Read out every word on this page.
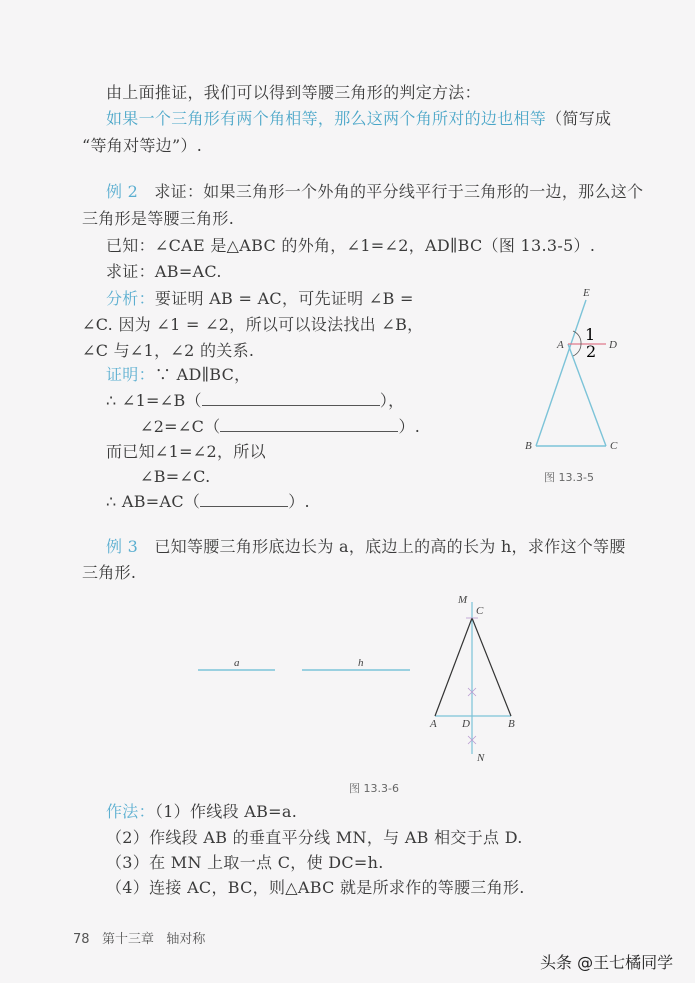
由上面推证，我们可以得到等腰三角形的判定方法：
如果一个三角形有两个角相等，那么这两个角所对的边也相等（简写成
“等角对等边”）.
例 2 求证：如果三角形一个外角的平分线平行于三角形的一边，那么这个
三角形是等腰三角形.
已知：∠CAE 是△ABC 的外角，∠1=∠2，AD∥BC（图 13.3-5）.
求证：AB=AC.
分析：要证明 AB = AC，可先证明 ∠B =
∠C. 因为 ∠1 = ∠2，所以可以设法找出 ∠B，
∠C 与∠1，∠2 的关系.
证明：∵ AD∥BC，
∴ ∠1=∠B（	），
∠2=∠C（	）.
而已知∠1=∠2，所以
∠B=∠C.
∴ AB=AC（	）.
E
A
1
2 D
B	C
a	h
M
C
A D	B
N
图 13.3-5
例 3 已知等腰三角形底边长为 a，底边上的高的长为 h，求作这个等腰
三角形.
图 13.3-6
作法：（1）作线段 AB=a.
（2）作线段 AB 的垂直平分线 MN，与 AB 相交于点 D.
（3）在 MN 上取一点 C，使 DC=h.
（4）连接 AC，BC，则△ABC 就是所求作的等腰三角形.
78 第十三章 轴对称
头条 @王七橘同学
